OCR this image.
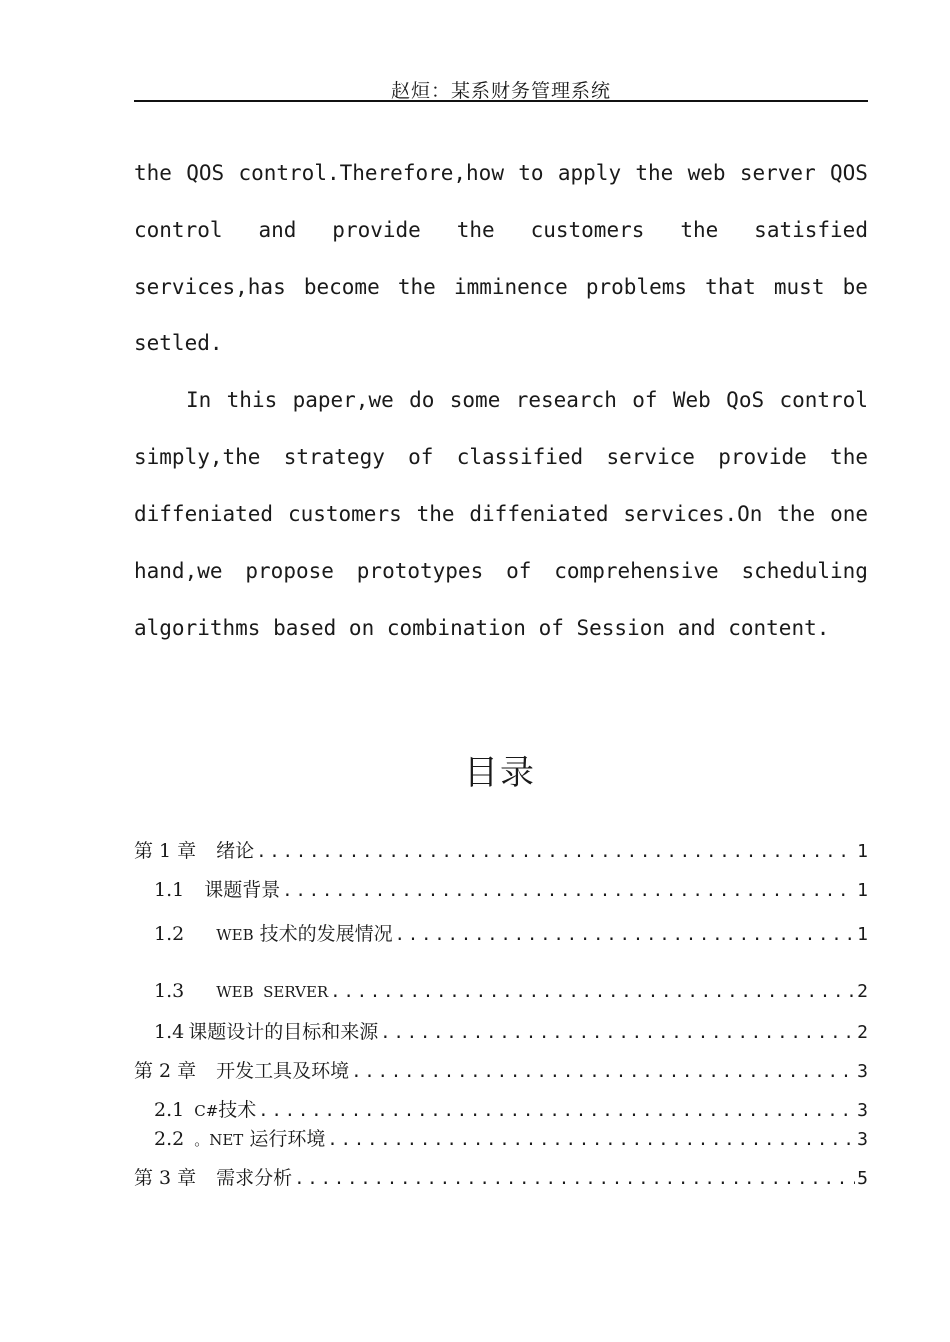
赵烜：某系财务管理系统
the QOS control.Therefore,how to apply the web server QOS
control and provide the customers the satisfied
services,has become the imminence problems that must be
setled.
In this paper,we do some research of Web QoS control
simply,the strategy of classified service provide the
diffeniated customers the diffeniated services.On the one
hand,we propose prototypes of comprehensive scheduling
algorithms based on combination of Session and content.
目录
第 1 章 绪论 .....	1
1.1 课题背景 .....	1
1.2 WEB 技术的发展情况 .....	1
1.3 WEB  SERVER .....	2
1.4 课题设计的目标和来源 .....	2
第 2 章 开发工具及环境 .....	3
2.1 C#技术 .....	3
2.2 。NET 运行环境 .....	3
第 3 章 需求分析 .....	5
